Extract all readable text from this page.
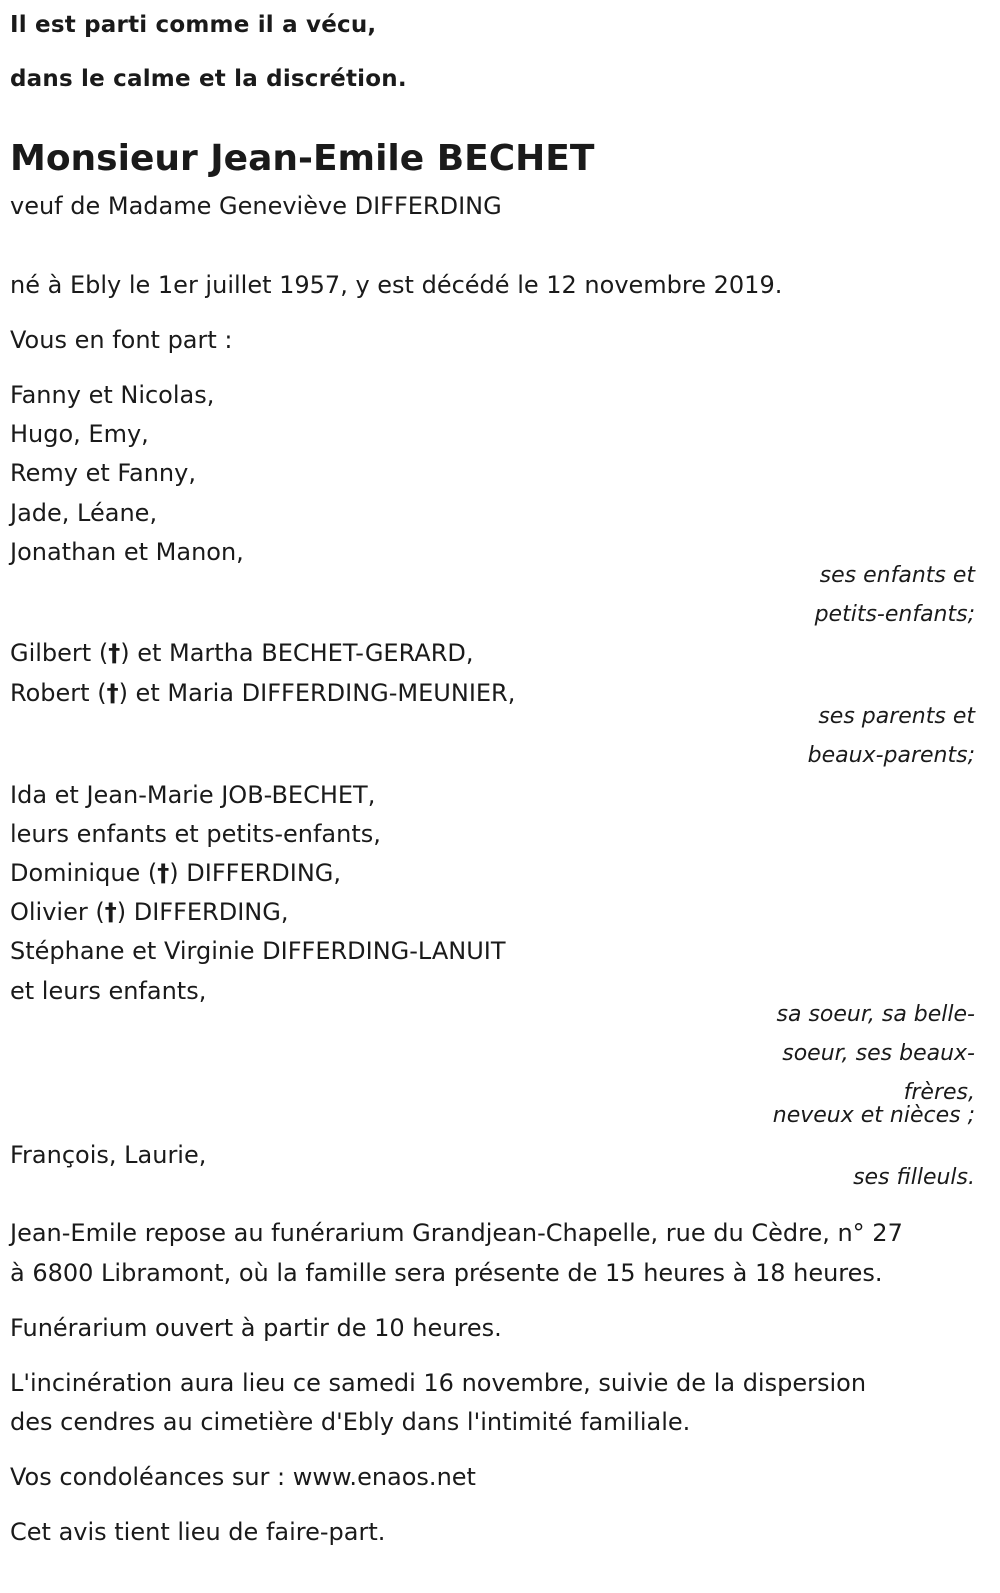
Il est parti comme il a vécu,
dans le calme et la discrétion.
Monsieur Jean-Emile BECHET
veuf de Madame Geneviève DIFFERDING
né à Ebly le 1er juillet 1957, y est décédé le 12 novembre 2019.
Vous en font part :
Fanny et Nicolas,
Hugo, Emy,
Remy et Fanny,
Jade, Léane,
Jonathan et Manon,
ses enfants et
petits-enfants;
Gilbert (†) et Martha BECHET-GERARD,
Robert (†) et Maria DIFFERDING-MEUNIER,
ses parents et
beaux-parents;
Ida et Jean-Marie JOB-BECHET,
leurs enfants et petits-enfants,
Dominique (†) DIFFERDING,
Olivier (†) DIFFERDING,
Stéphane et Virginie DIFFERDING-LANUIT
et leurs enfants,
sa soeur, sa belle-
soeur, ses beaux-
frères,
neveux et nièces ;
François, Laurie,
ses filleuls.
Jean-Emile repose au funérarium Grandjean-Chapelle, rue du Cèdre, n° 27
à 6800 Libramont, où la famille sera présente de 15 heures à 18 heures.
Funérarium ouvert à partir de 10 heures.
L'incinération aura lieu ce samedi 16 novembre, suivie de la dispersion
des cendres au cimetière d'Ebly dans l'intimité familiale.
Vos condoléances sur : www.enaos.net
Cet avis tient lieu de faire-part.
